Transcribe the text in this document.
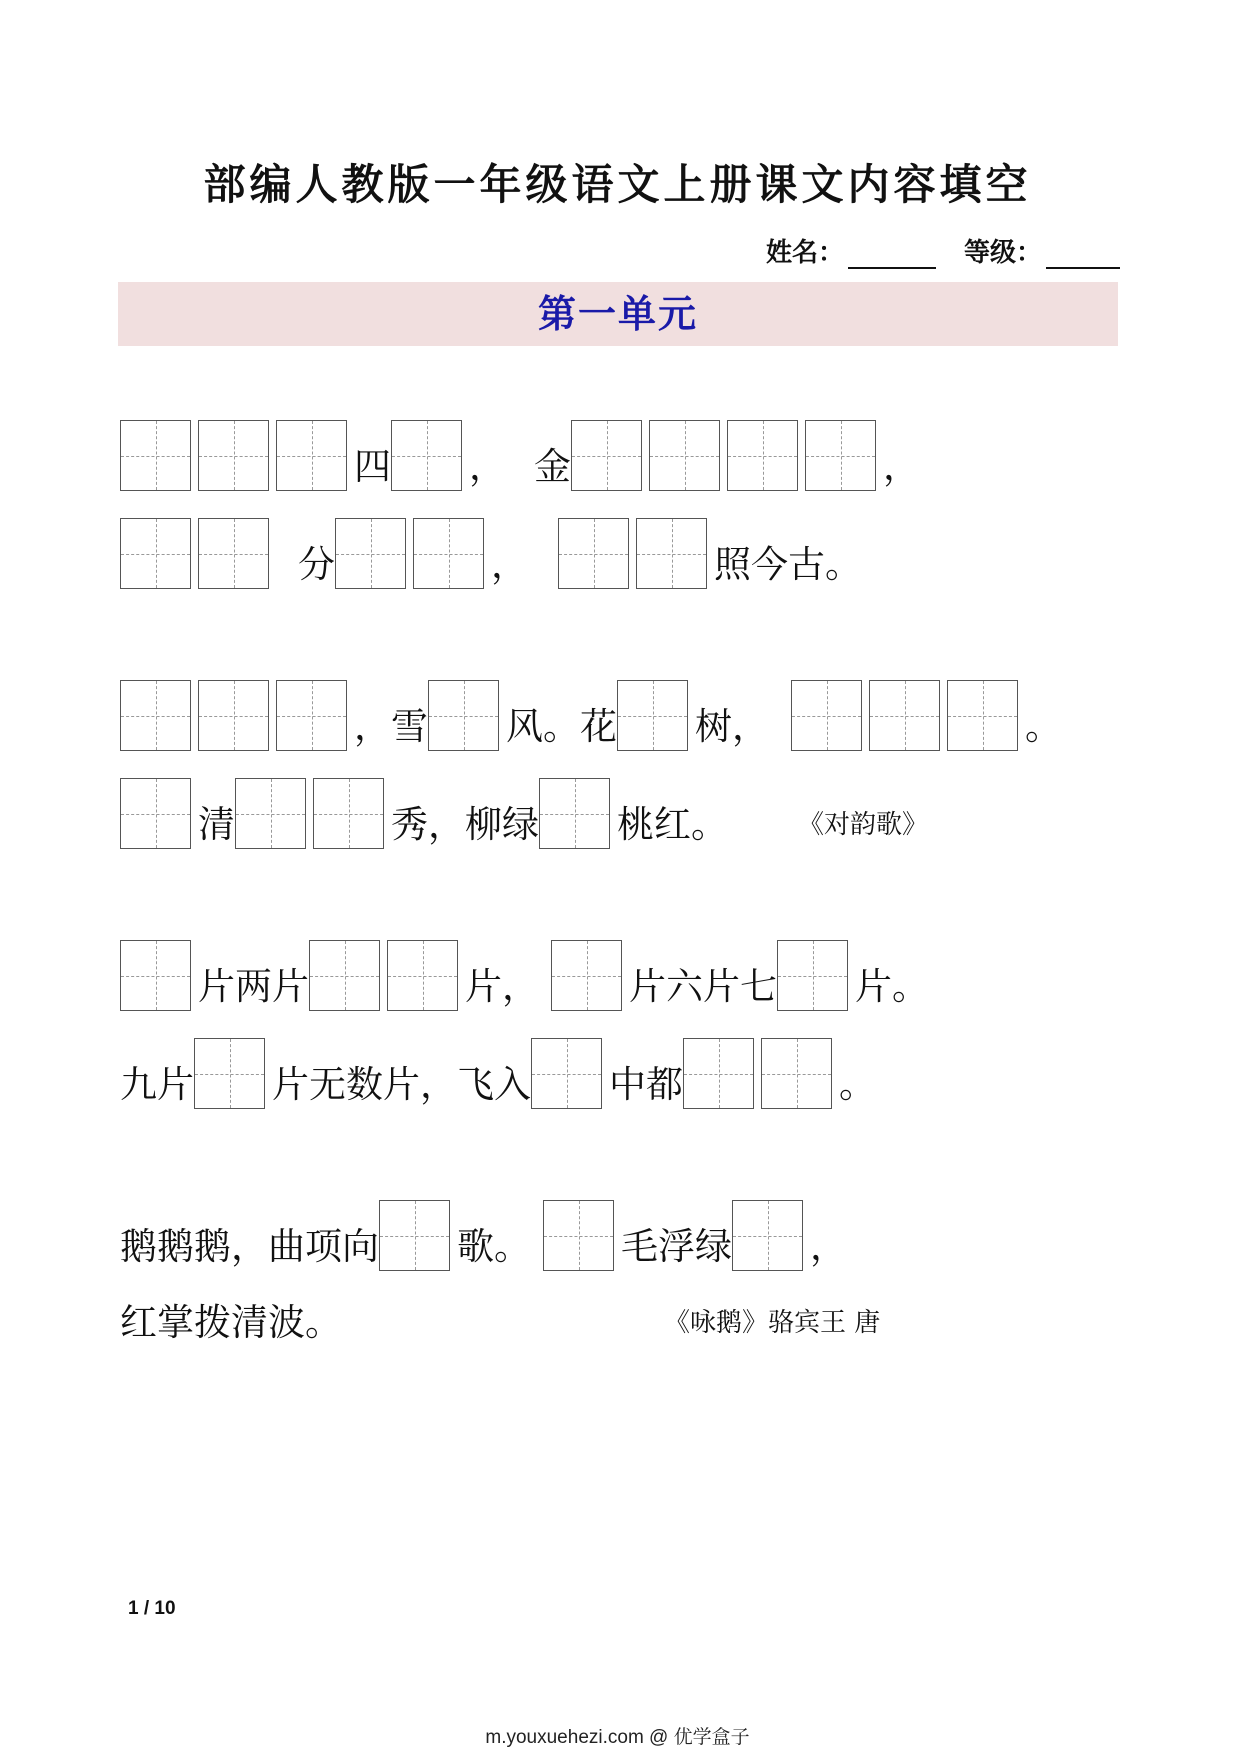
部编人教版一年级语文上册课文内容填空
姓名：	等级：
第一单元
四 ， 金	，
分	，	照今古。
，雪 风。花 树，	。
清	秀，柳绿 桃红。	《对韵歌》
片两片	片， 片六片七 片。
九片 片无数片，飞入 中都	。
鹅鹅鹅，曲项向 歌。 毛浮绿 ，
红掌拨清波。	《咏鹅》骆宾王 唐
1 / 10
m.youxuehezi.com @ 优学盒子
